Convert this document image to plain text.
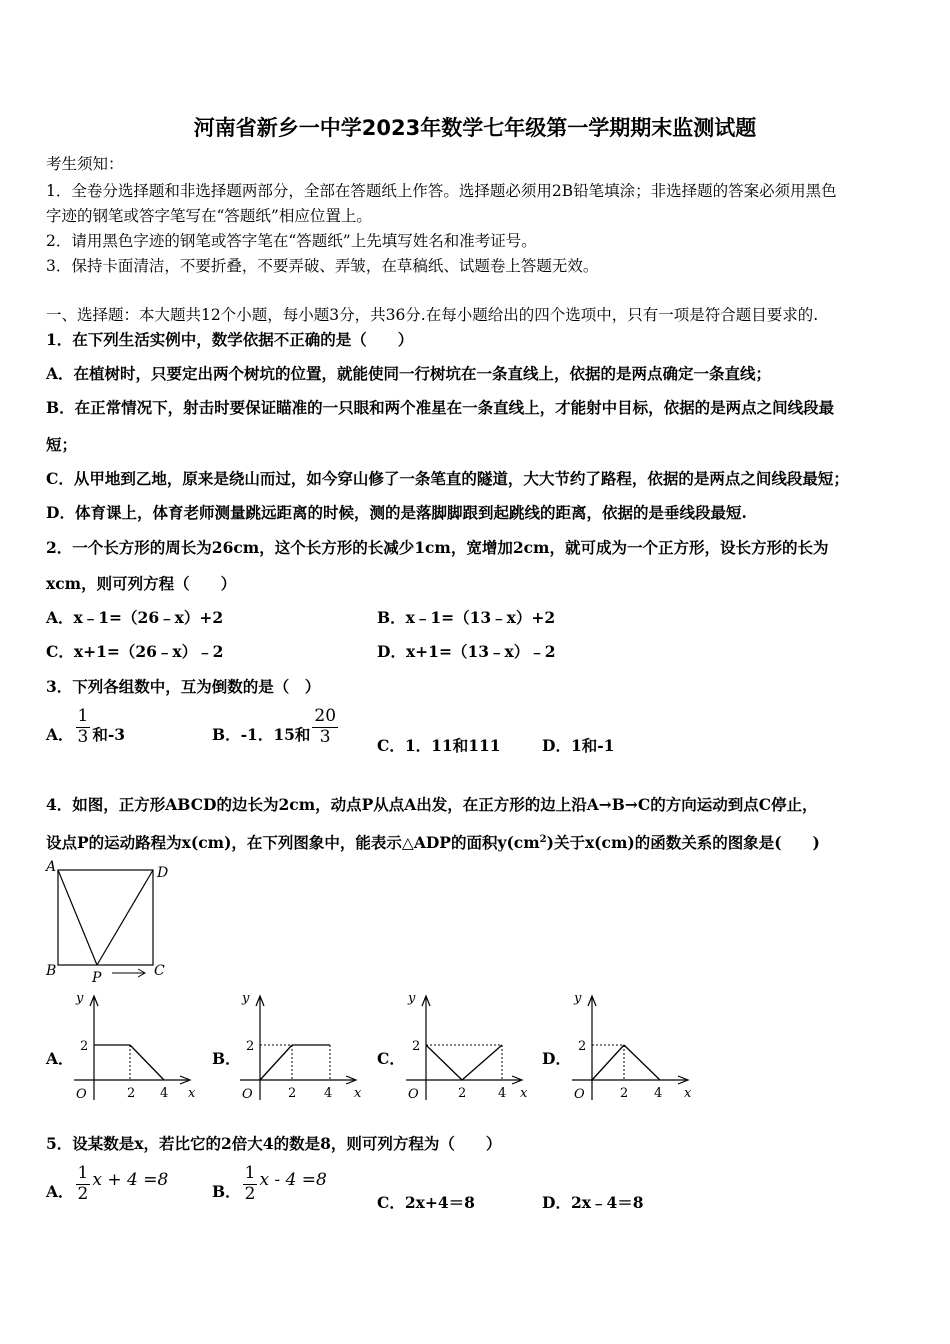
河南省新乡一中学2023年数学七年级第一学期期末监测试题
考生须知：
1．全卷分选择题和非选择题两部分，全部在答题纸上作答。选择题必须用2B铅笔填涂；非选择题的答案必须用黑色
字迹的钢笔或答字笔写在“答题纸”相应位置上。
2．请用黑色字迹的钢笔或答字笔在“答题纸”上先填写姓名和准考证号。
3．保持卡面清洁，不要折叠，不要弄破、弄皱，在草稿纸、试题卷上答题无效。
一、选择题：本大题共12个小题，每小题3分，共36分.在每小题给出的四个选项中，只有一项是符合题目要求的.
1．在下列生活实例中，数学依据不正确的是（　　）
A．在植树时，只要定出两个树坑的位置，就能使同一行树坑在一条直线上，依据的是两点确定一条直线；
B．在正常情况下，射击时要保证瞄准的一只眼和两个准星在一条直线上，才能射中目标，依据的是两点之间线段最
短；
C．从甲地到乙地，原来是绕山而过，如今穿山修了一条笔直的隧道，大大节约了路程，依据的是两点之间线段最短；
D．体育课上，体育老师测量跳远距离的时候，测的是落脚脚跟到起跳线的距离，依据的是垂线段最短.
2．一个长方形的周长为26cm，这个长方形的长减少1cm，宽增加2cm，就可成为一个正方形，设长方形的长为
xcm，则可列方程（　　）
A．x﹣1=（26﹣x）+2	B．x﹣1=（13﹣x）+2
C．x+1=（26﹣x）﹣2	D．x+1=（13﹣x）﹣2
3．下列各组数中，互为倒数的是（　）
A． $\frac{1}{3}$ 和-3	B．-1．15和 $\frac{20}{3}$	C．1．11和111	D．1和-1
4．如图，正方形ABCD的边长为2cm，动点P从点A出发，在正方形的边上沿A→B→C的方向运动到点C停止，
设点P的运动路程为x(cm)，在下列图象中，能表示△ADP的面积$y(cm^2)$关于x(cm)的函数关系的图象是(　　)
A	D
B	C
P
A．	B．	C．	D．
y
2
O	2 4 x
y
2
O	2 4 x
y
2
O	2 4 x
y
2
O	2 4 x
5．设某数是x，若比它的2倍大4的数是8，则可列方程为（　　）
A． $\frac{1}{2}$ x + 4 =8
B． $\frac{1}{2}$ x - 4 =8
C．2x+4＝8	D．2x﹣4＝8
